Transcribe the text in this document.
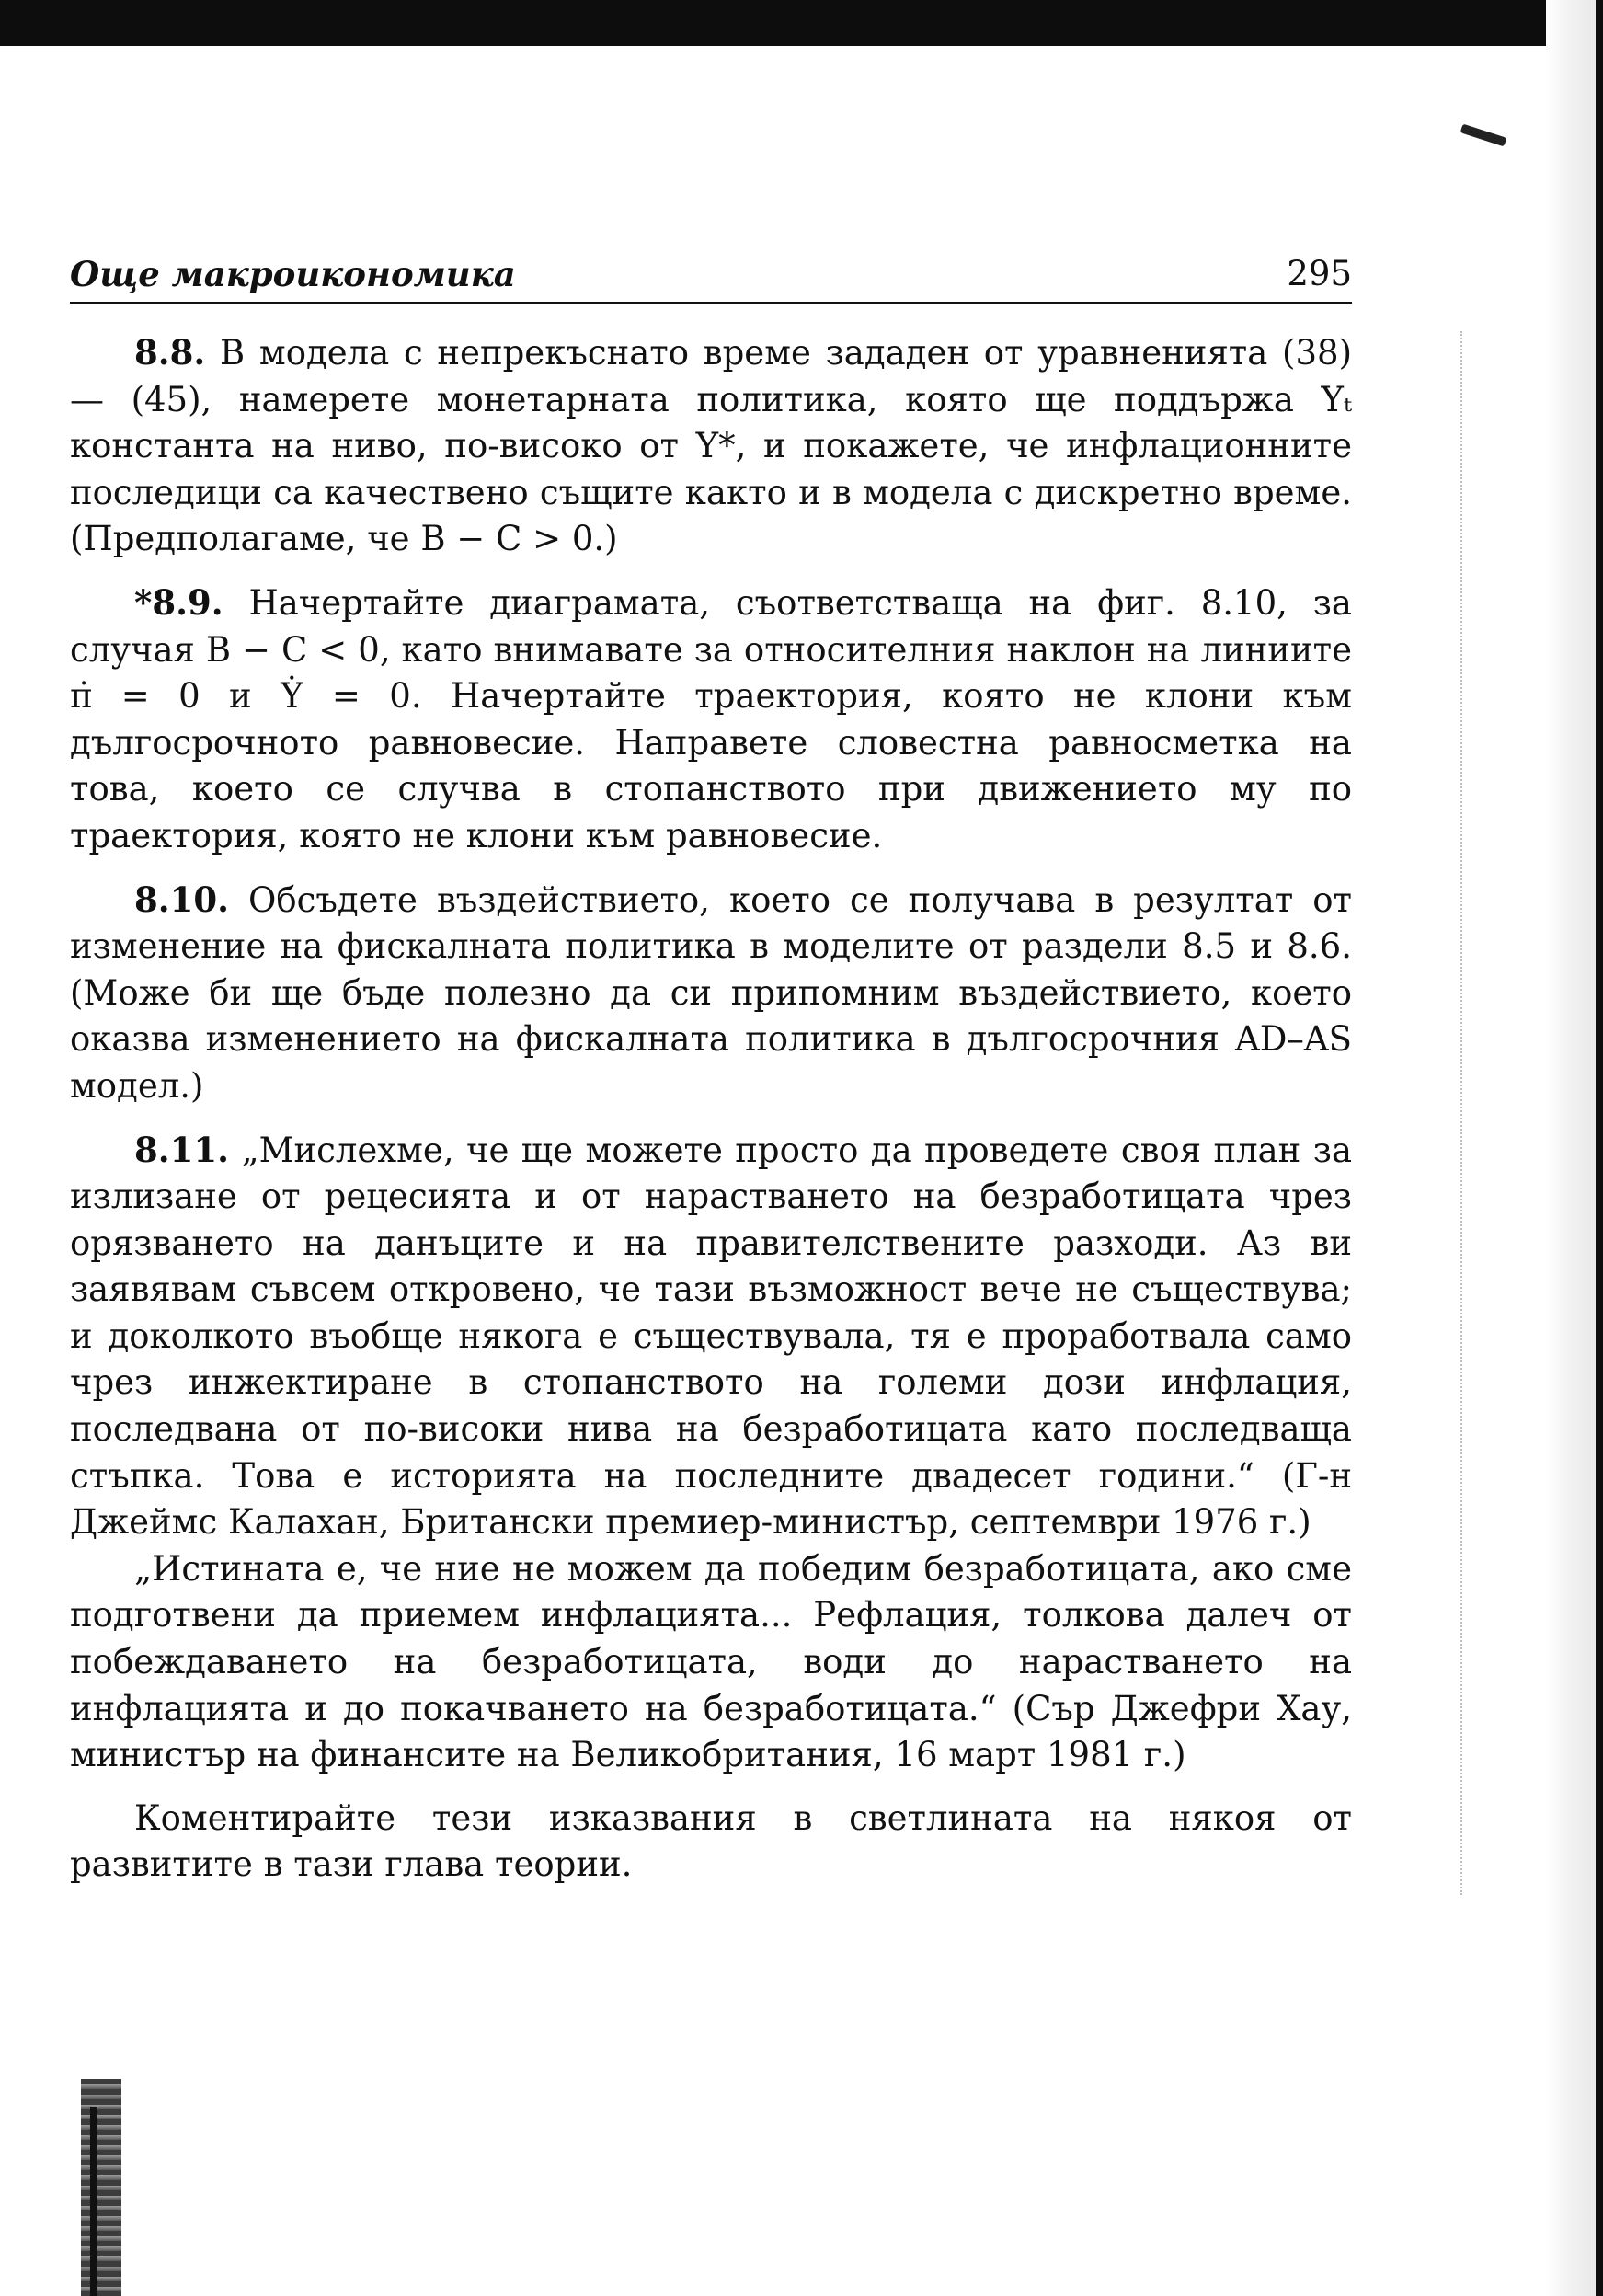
Още макроикономика	295

8.8. В модела с непрекъснато време зададен от уравненията (38) — (45), намерете монетарната политика, която ще поддържа Yₜ константа на ниво, по-високо от Y*, и покажете, че инфлационните последици са качествено същите както и в модела с дискретно време. (Предполагаме, че B − C > 0.)

*8.9. Начертайте диаграмата, съответстваща на фиг. 8.10, за случая B − C < 0, като внимавате за относителния наклон на линиите π̇ = 0 и Ẏ = 0. Начертайте траектория, която не клони към дългосрочното равновесие. Направете словестна равносметка на това, което се случва в стопанството при движението му по траектория, която не клони към равновесие.

8.10. Обсъдете въздействието, което се получава в резултат от изменение на фискалната политика в моделите от раздели 8.5 и 8.6. (Може би ще бъде полезно да си припомним въздействието, което оказва изменението на фискалната политика в дългосрочния AD–AS модел.)

8.11. „Мислехме, че ще можете просто да проведете своя план за излизане от рецесията и от нарастването на безработицата чрез орязването на данъците и на правителствените разходи. Аз ви заявявам съвсем откровено, че тази възможност вече не съществува; и доколкото въобще някога е съществувала, тя е проработвала само чрез инжектиране в стопанството на големи дози инфлация, последвана от по-високи нива на безработицата като последваща стъпка. Това е историята на последните двадесет години.“ (Г-н Джеймс Калахан, Британски премиер-министър, септември 1976 г.)

„Истината е, че ние не можем да победим безработицата, ако сме подготвени да приемем инфлацията... Рефлация, толкова далеч от побеждаването на безработицата, води до нарастването на инфлацията и до покачването на безработицата.“ (Сър Джефри Хау, министър на финансите на Великобритания, 16 март 1981 г.)

Коментирайте тези изказвания в светлината на някоя от развитите в тази глава теории.
